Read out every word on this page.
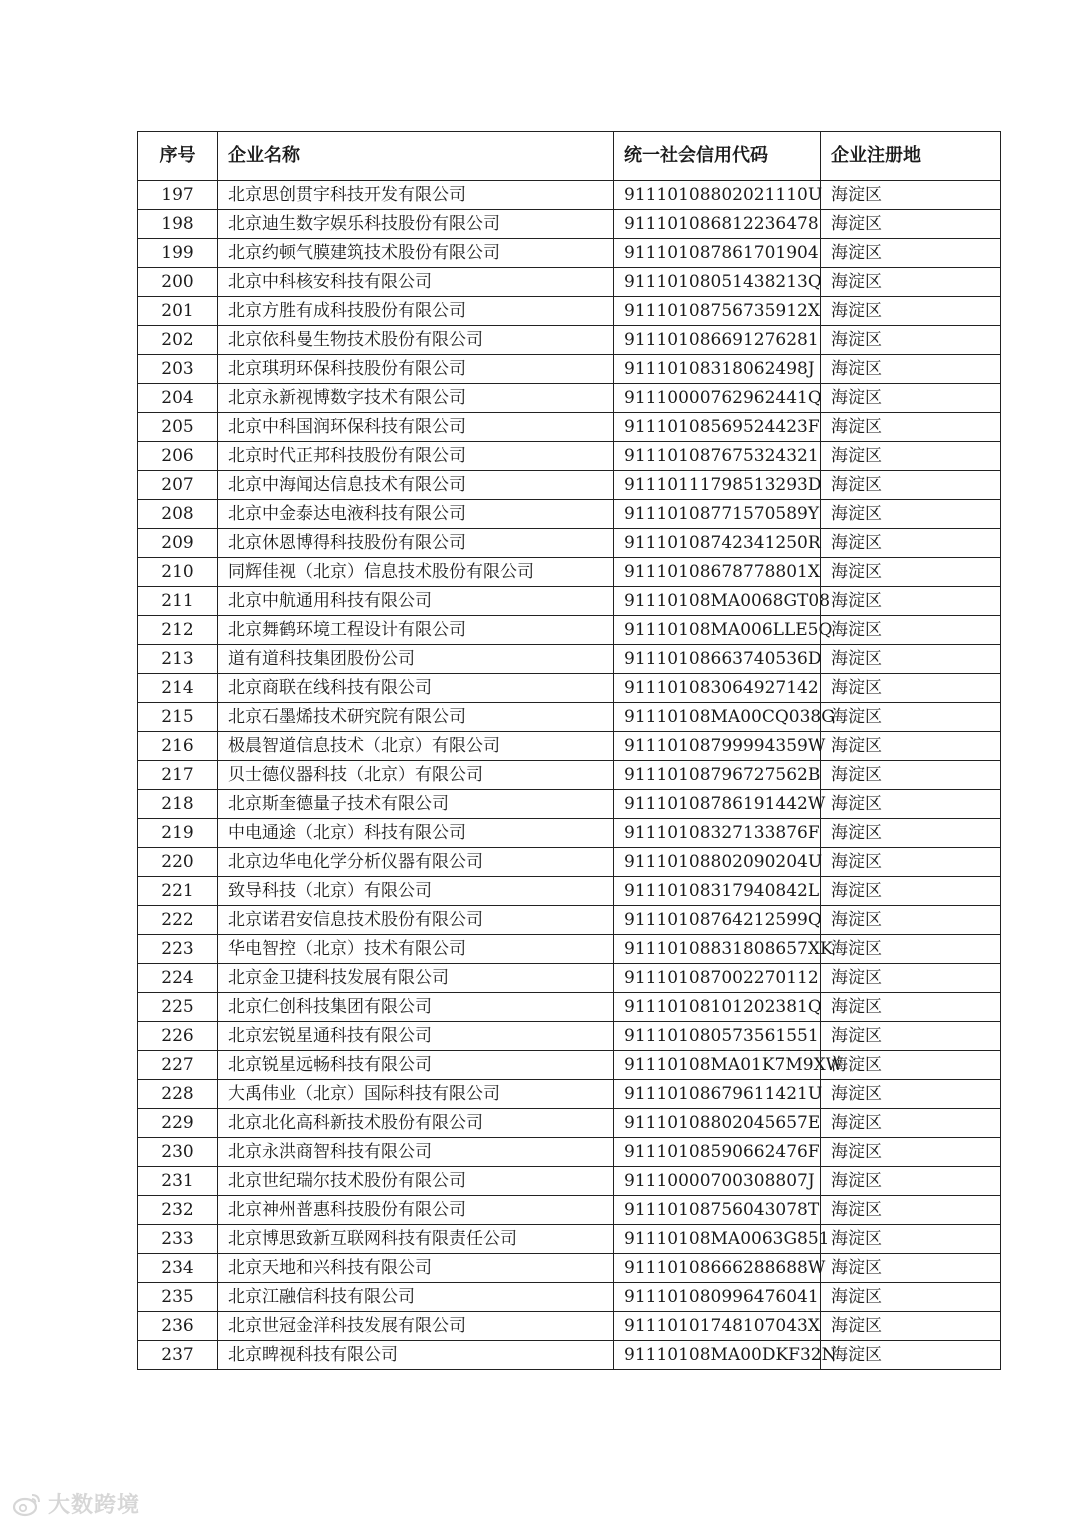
序号	企业名称	统一社会信用代码	企业注册地
197	北京思创贯宇科技开发有限公司	91110108802021110U	海淀区
198	北京迪生数字娱乐科技股份有限公司	911101086812236478	海淀区
199	北京约顿气膜建筑技术股份有限公司	911101087861701904	海淀区
200	北京中科核安科技有限公司	91110108051438213Q	海淀区
201	北京方胜有成科技股份有限公司	91110108756735912X	海淀区
202	北京依科曼生物技术股份有限公司	911101086691276281	海淀区
203	北京琪玥环保科技股份有限公司	91110108318062498J	海淀区
204	北京永新视博数字技术有限公司	91110000762962441Q	海淀区
205	北京中科国润环保科技有限公司	91110108569524423F	海淀区
206	北京时代正邦科技股份有限公司	911101087675324321	海淀区
207	北京中海闻达信息技术有限公司	91110111798513293D	海淀区
208	北京中金泰达电液科技有限公司	91110108771570589Y	海淀区
209	北京休恩博得科技股份有限公司	91110108742341250R	海淀区
210	同辉佳视（北京）信息技术股份有限公司	91110108678778801X	海淀区
211	北京中航通用科技有限公司	91110108MA0068GT08	海淀区
212	北京舞鹤环境工程设计有限公司	91110108MA006LLE5Q	海淀区
213	道有道科技集团股份公司	91110108663740536D	海淀区
214	北京商联在线科技有限公司	911101083064927142	海淀区
215	北京石墨烯技术研究院有限公司	91110108MA00CQ038G	海淀区
216	极晨智道信息技术（北京）有限公司	91110108799994359W	海淀区
217	贝士德仪器科技（北京）有限公司	91110108796727562B	海淀区
218	北京斯奎德量子技术有限公司	91110108786191442W	海淀区
219	中电通途（北京）科技有限公司	91110108327133876F	海淀区
220	北京边华电化学分析仪器有限公司	91110108802090204U	海淀区
221	致导科技（北京）有限公司	91110108317940842L	海淀区
222	北京诺君安信息技术股份有限公司	91110108764212599Q	海淀区
223	华电智控（北京）技术有限公司	91110108831808657XK	海淀区
224	北京金卫捷科技发展有限公司	911101087002270112	海淀区
225	北京仁创科技集团有限公司	91110108101202381Q	海淀区
226	北京宏锐星通科技有限公司	911101080573561551	海淀区
227	北京锐星远畅科技有限公司	91110108MA01K7M9XW	海淀区
228	大禹伟业（北京）国际科技有限公司	91110108679611421U	海淀区
229	北京北化高科新技术股份有限公司	91110108802045657E	海淀区
230	北京永洪商智科技有限公司	91110108590662476F	海淀区
231	北京世纪瑞尔技术股份有限公司	91110000700308807J	海淀区
232	北京神州普惠科技股份有限公司	91110108756043078T	海淀区
233	北京博思致新互联网科技有限责任公司	91110108MA0063G851	海淀区
234	北京天地和兴科技有限公司	91110108666288688W	海淀区
235	北京江融信科技有限公司	911101080996476041	海淀区
236	北京世冠金洋科技发展有限公司	91110101748107043X	海淀区
237	北京睥视科技有限公司	91110108MA00DKF32N	海淀区
大数跨境
